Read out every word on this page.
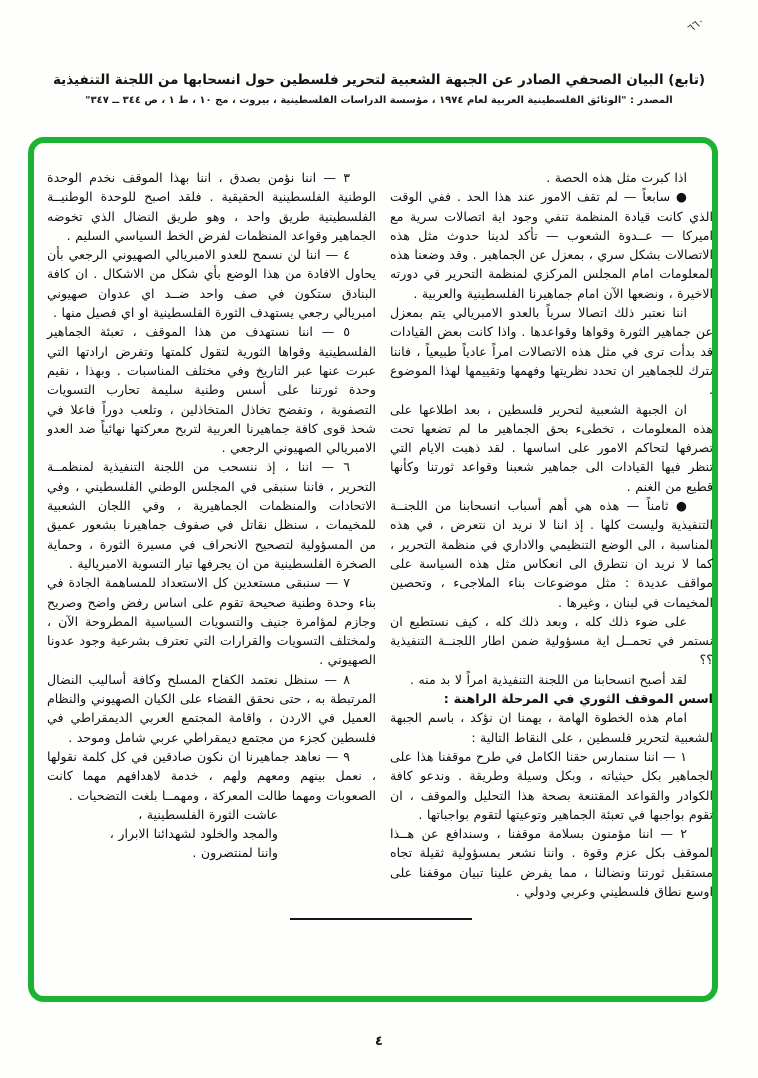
٦٦٠
(تابع) البيان الصحفي الصادر عن الجبهة الشعبية لتحرير فلسطين حول انسحابها من اللجنة التنفيذية
المصدر : "الوثائق الفلسطينية العربية لعام ١٩٧٤ ، مؤسسة الدراسات الفلسطينية ، بيروت ، مج ١٠ ، ط ١ ، ص ٣٤٤ ــ ٣٤٧"

اذا كبرت مثل هذه الحصة .

● سابعاً — لم تقف الامور عند هذا الحد . ففي الوقت الذي كانت قيادة المنظمة تنفي وجود اية اتصالات سرية مع اميركا — عــدوة الشعوب — تأكد لدينا حدوث مثل هذه الاتصالات بشكل سري ، بمعزل عن الجماهير . وقد وضعنا هذه المعلومات امام المجلس المركزي لمنظمة التحرير في دورته الاخيرة ، ونضعها الآن امام جماهيرنا الفلسطينية والعربية .

اننا نعتبر ذلك اتصالا سرياً بالعدو الامبريالي يتم بمعزل عن جماهير الثورة وقواها وقواعدها . واذا كانت بعض القيادات قد بدأت ترى في مثل هذه الاتصالات امراً عادياً طبيعياً ، فاننا نترك للجماهير ان تحدد نظريتها وفهمها وتقييمها لهذا الموضوع .

ان الجبهة الشعبية لتحرير فلسطين ، بعد اطلاعها على هذه المعلومات ، تخطىء بحق الجماهير ما لم تضعها تحت تصرفها لتحاكم الامور على اساسها . لقد ذهبت الايام التي تنظر فيها القيادات الى جماهير شعبنا وقواعد ثورتنا وكأنها قطيع من الغنم .

● ثامناً — هذه هي أهم أسباب انسحابنا من اللجنــة التنفيذية وليست كلها . إذ اننا لا نريد ان نتعرض ، في هذه المناسبة ، الى الوضع التنظيمي والاداري في منظمة التحرير ، كما لا نريد ان نتطرق الى انعكاس مثل هذه السياسة على مواقف عديدة : مثل موضوعات بناء الملاجىء ، وتحصين المخيمات في لبنان ، وغيرها .

على ضوء ذلك كله ، وبعد ذلك كله ، كيف نستطيع ان نستمر في تحمــل اية مسؤولية ضمن اطار اللجنــة التنفيذية ؟؟

لقد أصبح انسحابنا من اللجنة التنفيذية امراً لا بد منه .

اسس الموقف الثوري في المرحلة الراهنة :

امام هذه الخطوة الهامة ، يهمنا ان نؤكد ، باسم الجبهة الشعبية لتحرير فلسطين ، على النقاط التالية :

١ — اننا سنمارس حقنا الكامل في طرح موقفنا هذا على الجماهير بكل حيثياته ، وبكل وسيلة وطريقة . وندعو كافة الكوادر والقواعد المقتنعة بصحة هذا التحليل والموقف ، ان تقوم بواجبها في تعبئة الجماهير وتوعيتها لتقوم بواجباتها .

٢ — اننا مؤمنون بسلامة موقفنا ، وسندافع عن هــذا الموقف بكل عزم وقوة . واننا نشعر بمسؤولية ثقيلة تجاه مستقبل ثورتنا ونضالنا ، مما يفرض علينا تبيان موقفنا على اوسع نطاق فلسطيني وعربي ودولي .

٣ — اننا نؤمن بصدق ، اننا بهذا الموقف نخدم الوحدة الوطنية الفلسطينية الحقيقية . فلقد اصبح للوحدة الوطنيــة الفلسطينية طريق واحد ، وهو طريق النضال الذي تخوضه الجماهير وقواعد المنظمات لفرض الخط السياسي السليم .

٤ — اننا لن نسمح للعدو الامبريالي الصهيوني الرجعي بأن يحاول الافادة من هذا الوضع بأي شكل من الاشكال . ان كافة البنادق ستكون في صف واحد ضــد اي عدوان صهيوني امبريالي رجعي يستهدف الثورة الفلسطينية او اي فصيل منها .

٥ — اننا نستهدف من هذا الموقف ، تعبئة الجماهير الفلسطينية وقواها الثورية لتقول كلمتها وتفرض ارادتها التي عبرت عنها عبر التاريخ وفي مختلف المناسبات . وبهذا ، نقيم وحدة ثورتنا على أسس وطنية سليمة تحارب التسويات التصفوية ، وتفضح تخاذل المتخاذلين ، وتلعب دوراً فاعلا في شحذ قوى كافة جماهيرنا العربية لتربح معركتها نهائياً ضد العدو الامبريالي الصهيوني الرجعي .

٦ — اننا ، إذ ننسحب من اللجنة التنفيذية لمنظمــة التحرير ، فاننا سنبقى في المجلس الوطني الفلسطيني ، وفي الاتحادات والمنظمات الجماهيرية ، وفي اللجان الشعبية للمخيمات ، سنظل نقاتل في صفوف جماهيرنا بشعور عميق من المسؤولية لتصحيح الانحراف في مسيرة الثورة ، وحماية الصخرة الفلسطينية من ان يجرفها تيار التسوية الامبريالية .

٧ — سنبقى مستعدين كل الاستعداد للمساهمة الجادة في بناء وحدة وطنية صحيحة تقوم على اساس رفض واضح وصريح وجازم لمؤامرة جنيف والتسويات السياسية المطروحة الآن ، ولمختلف التسويات والقرارات التي تعترف بشرعية وجود عدونا الصهيوني .

٨ — سنظل نعتمد الكفاح المسلح وكافة أساليب النضال المرتبطة به ، حتى نحقق القضاء على الكيان الصهيوني والنظام العميل في الاردن ، واقامة المجتمع العربي الديمقراطي في فلسطين كجزء من مجتمع ديمقراطي عربي شامل وموحد .

٩ — نعاهد جماهيرنا ان نكون صادقين في كل كلمة نقولها ، نعمل بينهم ومعهم ولهم ، خدمة لاهدافهم مهما كانت الصعوبات ومهما طالت المعركة ، ومهمــا بلغت التضحيات .

عاشت الثورة الفلسطينية ،

والمجد والخلود لشهدائنا الابرار ،

واننا لمنتصرون .

٤
